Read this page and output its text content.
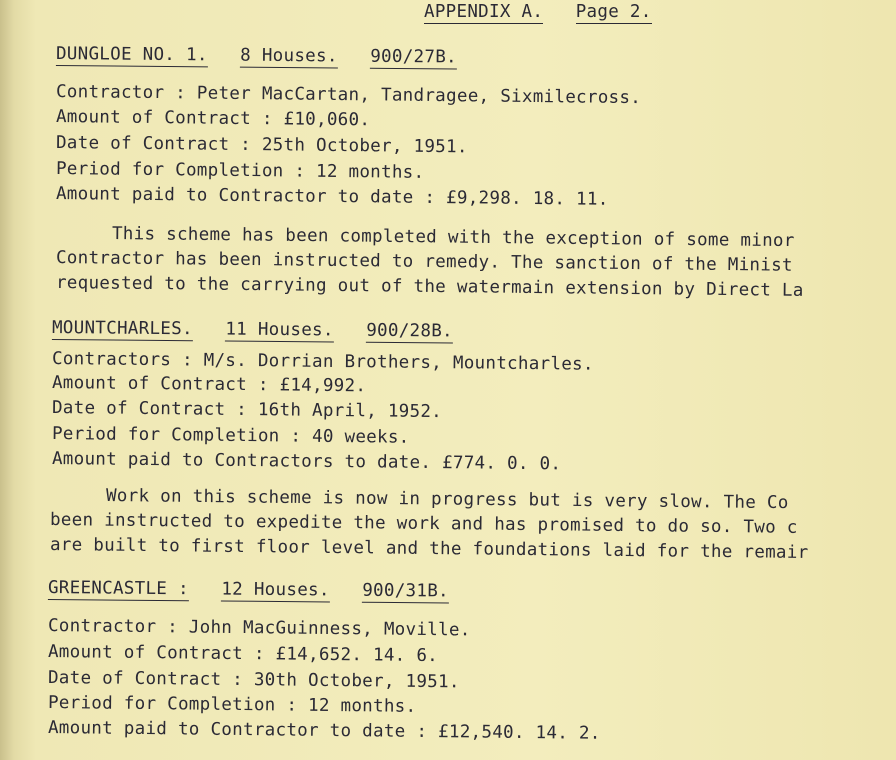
APPENDIX A. Page 2.
DUNGLOE NO. 1. 8 Houses. 900/27B.
Contractor : Peter MacCartan, Tandragee, Sixmilecross.
Amount of Contract : £10,060.
Date of Contract : 25th October, 1951.
Period for Completion : 12 months.
Amount paid to Contractor to date : £9,298. 18. 11.
This scheme has been completed with the exception of some minor
Contractor has been instructed to remedy. The sanction of the Minist
requested to the carrying out of the watermain extension by Direct La
MOUNTCHARLES. 11 Houses. 900/28B.
Contractors : M/s. Dorrian Brothers, Mountcharles.
Amount of Contract : £14,992.
Date of Contract : 16th April, 1952.
Period for Completion : 40 weeks.
Amount paid to Contractors to date. £774. 0. 0.
Work on this scheme is now in progress but is very slow. The Co
been instructed to expedite the work and has promised to do so. Two c
are built to first floor level and the foundations laid for the remair
GREENCASTLE : 12 Houses. 900/31B.
Contractor : John MacGuinness, Moville.
Amount of Contract : £14,652. 14. 6.
Date of Contract : 30th October, 1951.
Period for Completion : 12 months.
Amount paid to Contractor to date : £12,540. 14. 2.
